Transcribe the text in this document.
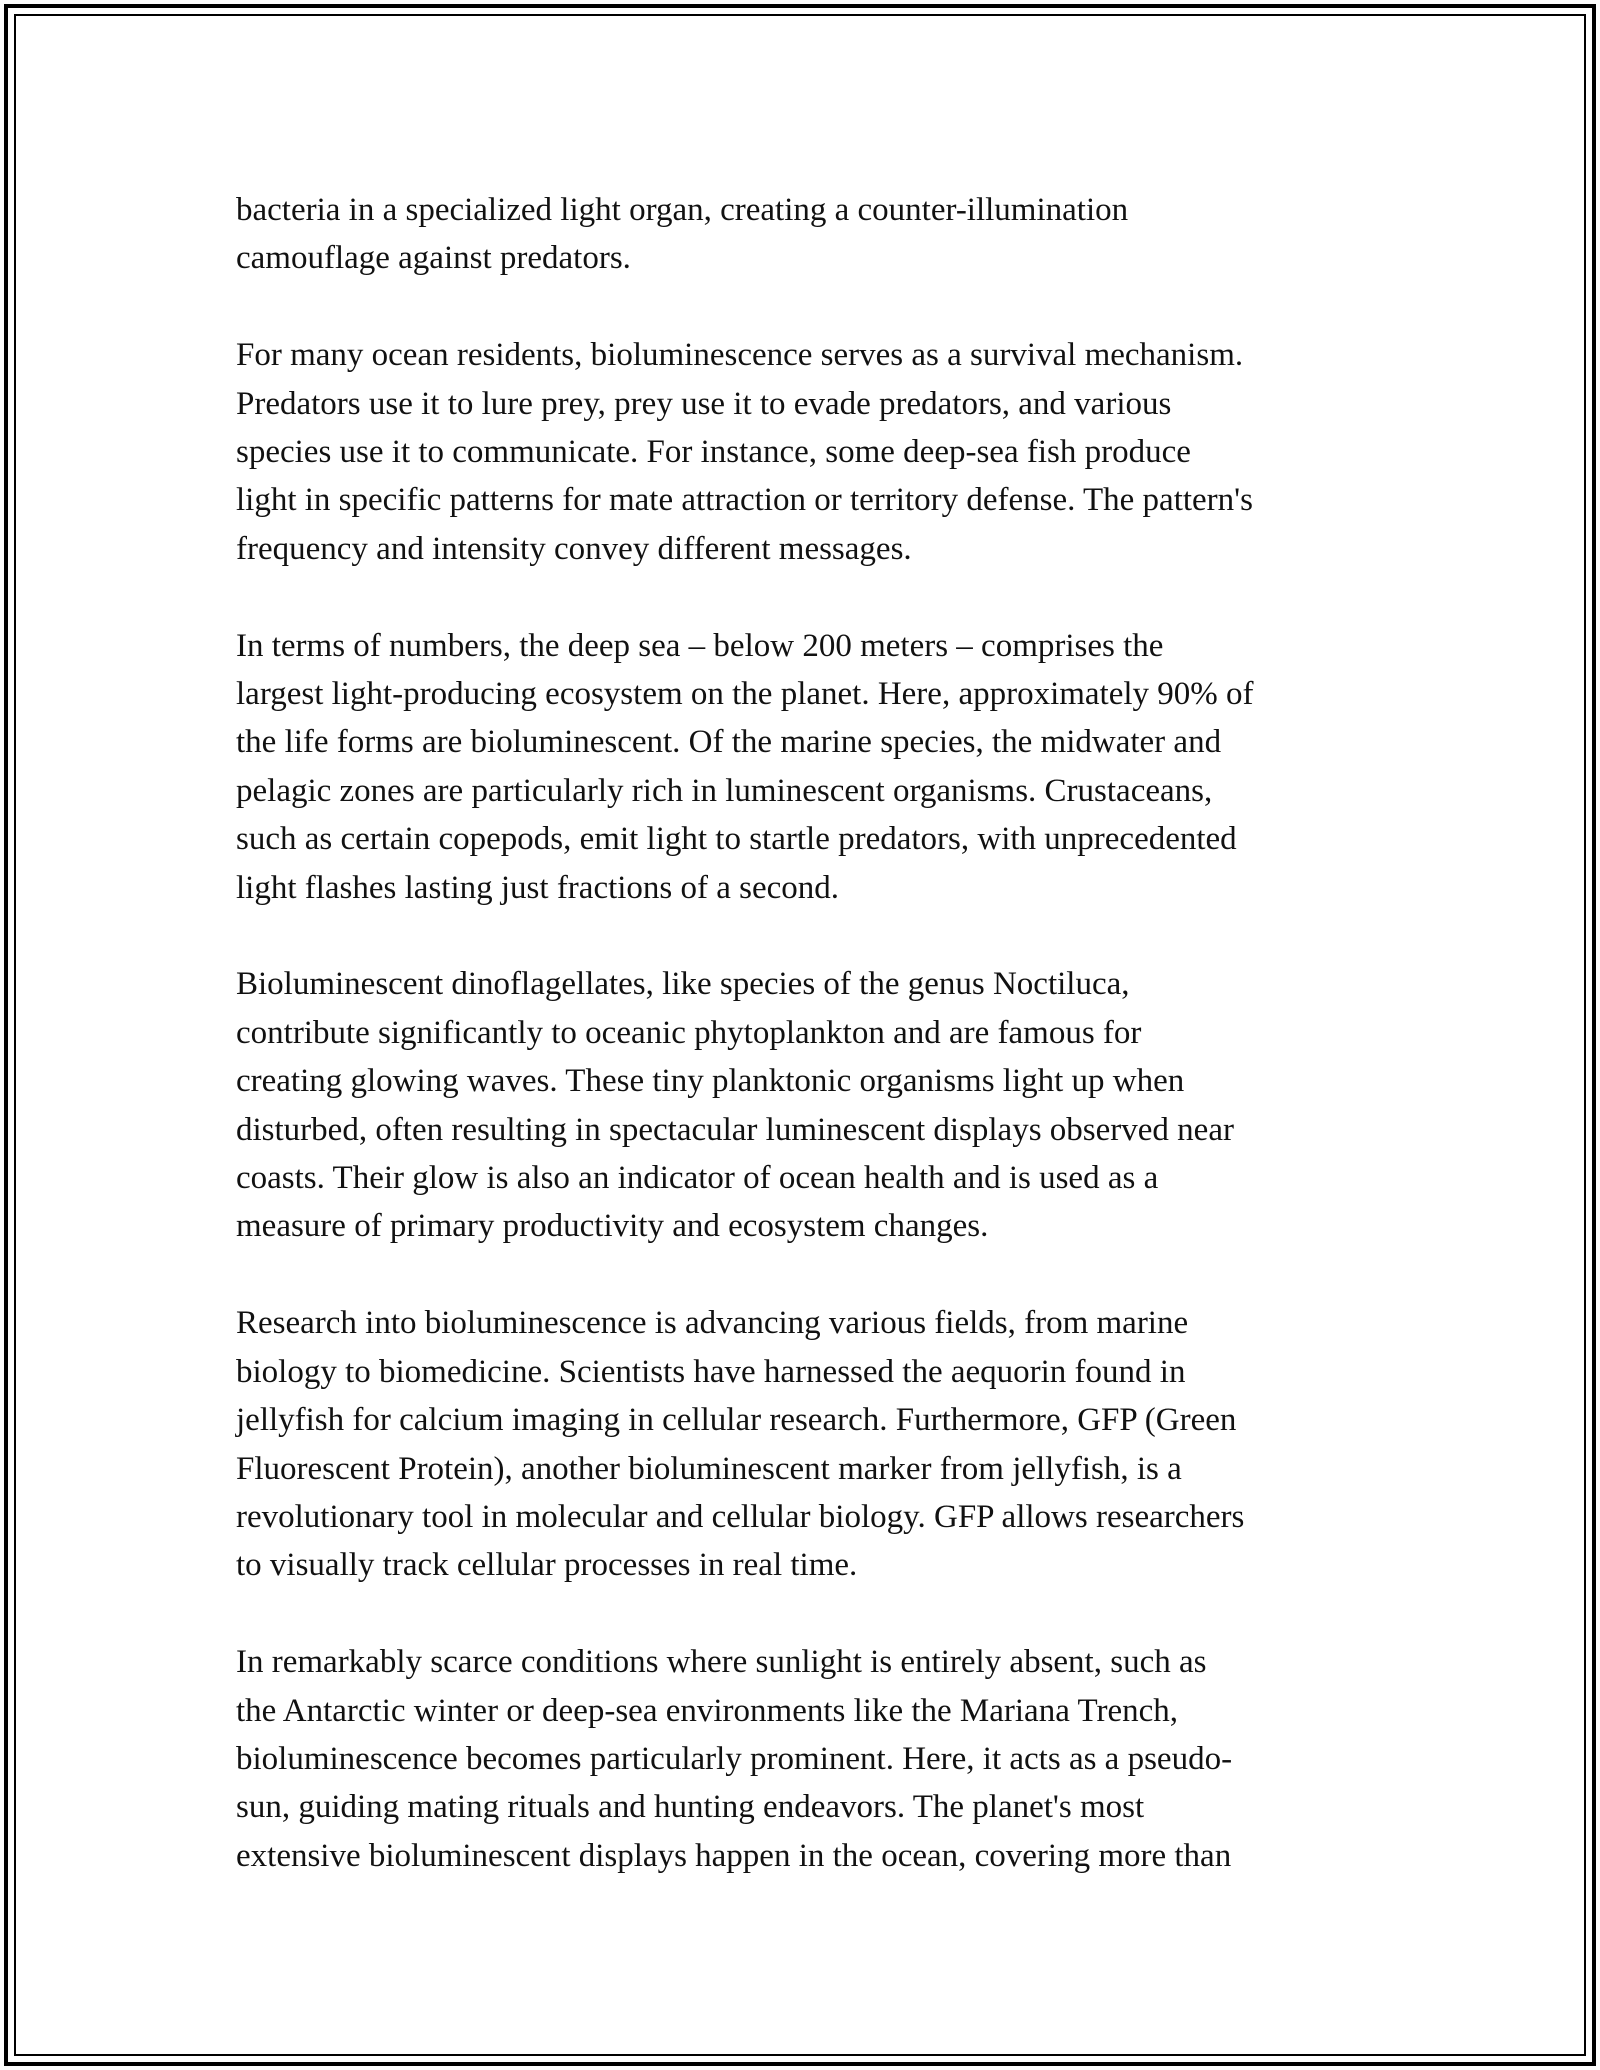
bacteria in a specialized light organ, creating a counter-illumination
camouflage against predators.

For many ocean residents, bioluminescence serves as a survival mechanism.
Predators use it to lure prey, prey use it to evade predators, and various
species use it to communicate. For instance, some deep-sea fish produce
light in specific patterns for mate attraction or territory defense. The pattern's
frequency and intensity convey different messages.

In terms of numbers, the deep sea – below 200 meters – comprises the
largest light-producing ecosystem on the planet. Here, approximately 90% of
the life forms are bioluminescent. Of the marine species, the midwater and
pelagic zones are particularly rich in luminescent organisms. Crustaceans,
such as certain copepods, emit light to startle predators, with unprecedented
light flashes lasting just fractions of a second.

Bioluminescent dinoflagellates, like species of the genus Noctiluca,
contribute significantly to oceanic phytoplankton and are famous for
creating glowing waves. These tiny planktonic organisms light up when
disturbed, often resulting in spectacular luminescent displays observed near
coasts. Their glow is also an indicator of ocean health and is used as a
measure of primary productivity and ecosystem changes.

Research into bioluminescence is advancing various fields, from marine
biology to biomedicine. Scientists have harnessed the aequorin found in
jellyfish for calcium imaging in cellular research. Furthermore, GFP (Green
Fluorescent Protein), another bioluminescent marker from jellyfish, is a
revolutionary tool in molecular and cellular biology. GFP allows researchers
to visually track cellular processes in real time.

In remarkably scarce conditions where sunlight is entirely absent, such as
the Antarctic winter or deep-sea environments like the Mariana Trench,
bioluminescence becomes particularly prominent. Here, it acts as a pseudo-
sun, guiding mating rituals and hunting endeavors. The planet's most
extensive bioluminescent displays happen in the ocean, covering more than
